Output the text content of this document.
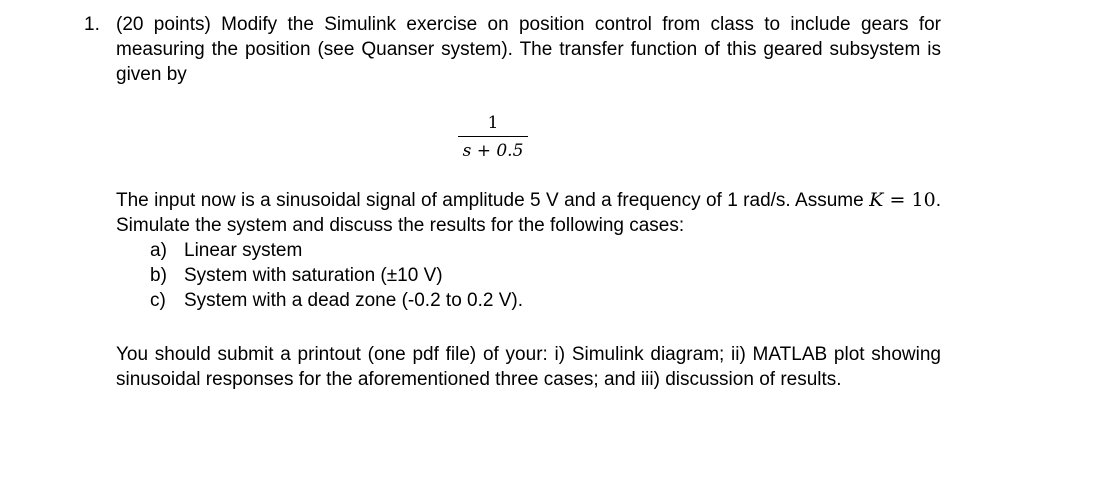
1. (20 points) Modify the Simulink exercise on position control from class to include gears for measuring the position (see Quanser system). The transfer function of this geared subsystem is given by
1
s + 0.5
The input now is a sinusoidal signal of amplitude 5 V and a frequency of 1 rad/s. Assume K = 10. Simulate the system and discuss the results for the following cases:
a) Linear system
b) System with saturation (±10 V)
c) System with a dead zone (-0.2 to 0.2 V).
You should submit a printout (one pdf file) of your: i) Simulink diagram; ii) MATLAB plot showing sinusoidal responses for the aforementioned three cases; and iii) discussion of results.
